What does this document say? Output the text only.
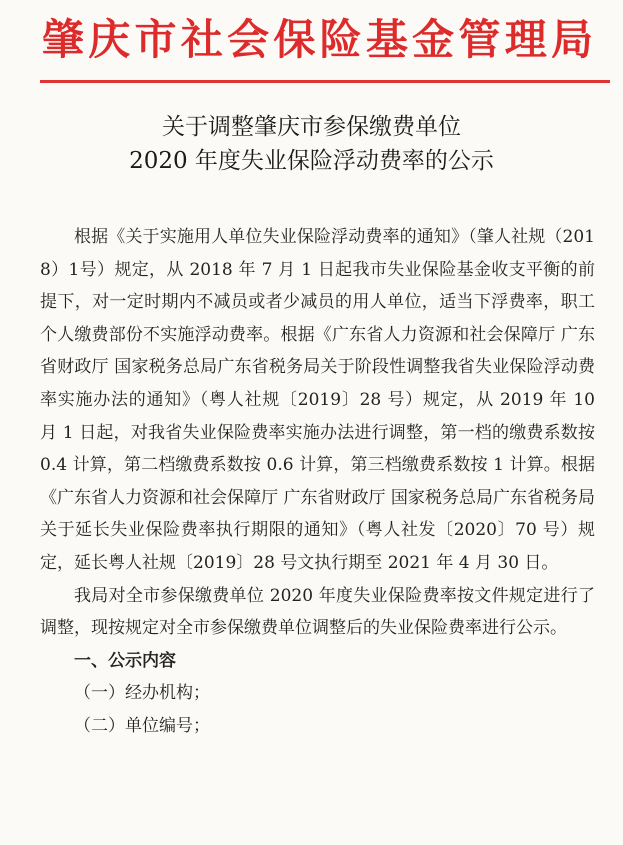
肇庆市社会保险基金管理局
关于调整肇庆市参保缴费单位
2020 年度失业保险浮动费率的公示

根据《关于实施用人单位失业保险浮动费率的通知》（肇人社规（2018）1号）规定，从 2018 年 7 月 1 日起我市失业保险基金收支平衡的前提下，对一定时期内不减员或者少减员的用人单位，适当下浮费率，职工个人缴费部份不实施浮动费率。根据《广东省人力资源和社会保障厅 广东省财政厅 国家税务总局广东省税务局关于阶段性调整我省失业保险浮动费率实施办法的通知》（粤人社规〔2019〕28 号）规定，从 2019 年 10 月 1 日起，对我省失业保险费率实施办法进行调整，第一档的缴费系数按 0.4 计算，第二档缴费系数按 0.6 计算，第三档缴费系数按 1 计算。根据《广东省人力资源和社会保障厅 广东省财政厅 国家税务总局广东省税务局关于延长失业保险费率执行期限的通知》（粤人社发〔2020〕70 号）规定，延长粤人社规〔2019〕28 号文执行期至 2021 年 4 月 30 日。

我局对全市参保缴费单位 2020 年度失业保险费率按文件规定进行了调整，现按规定对全市参保缴费单位调整后的失业保险费率进行公示。

一、公示内容

（一）经办机构；

（二）单位编号；
